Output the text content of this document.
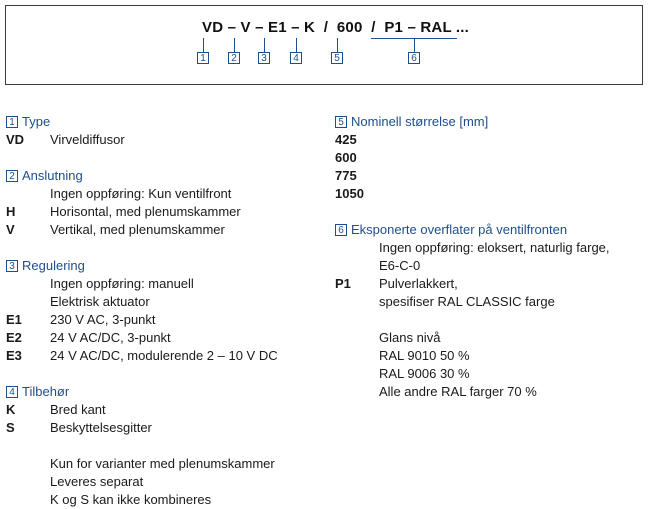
VD – V – E1 – K  /  600  /  P1 – RAL ...
1	2	3	4	5	6
1 Type
VD Virveldiffusor
2 Anslutning
Ingen oppføring: Kun ventilfront
H	Horisontal, med plenumskammer
V	Vertikal, med plenumskammer
3 Regulering
Ingen oppføring: manuell
Elektrisk aktuator
E1 230 V AC, 3-punkt
E2 24 V AC/DC, 3-punkt
E3 24 V AC/DC, modulerende 2 – 10 V DC
4 Tilbehør
K	Bred kant
S	Beskyttelsesgitter
Kun for varianter med plenumskammer
Leveres separat
K og S kan ikke kombineres
5 Nominell størrelse [mm]
425
600
775
1050
6 Eksponerte overflater på ventilfronten
Ingen oppføring: eloksert, naturlig farge,
E6-C-0
P1 Pulverlakkert,
spesifiser RAL CLASSIC farge
Glans nivå
RAL 9010 50 %
RAL 9006 30 %
Alle andre RAL farger 70 %
